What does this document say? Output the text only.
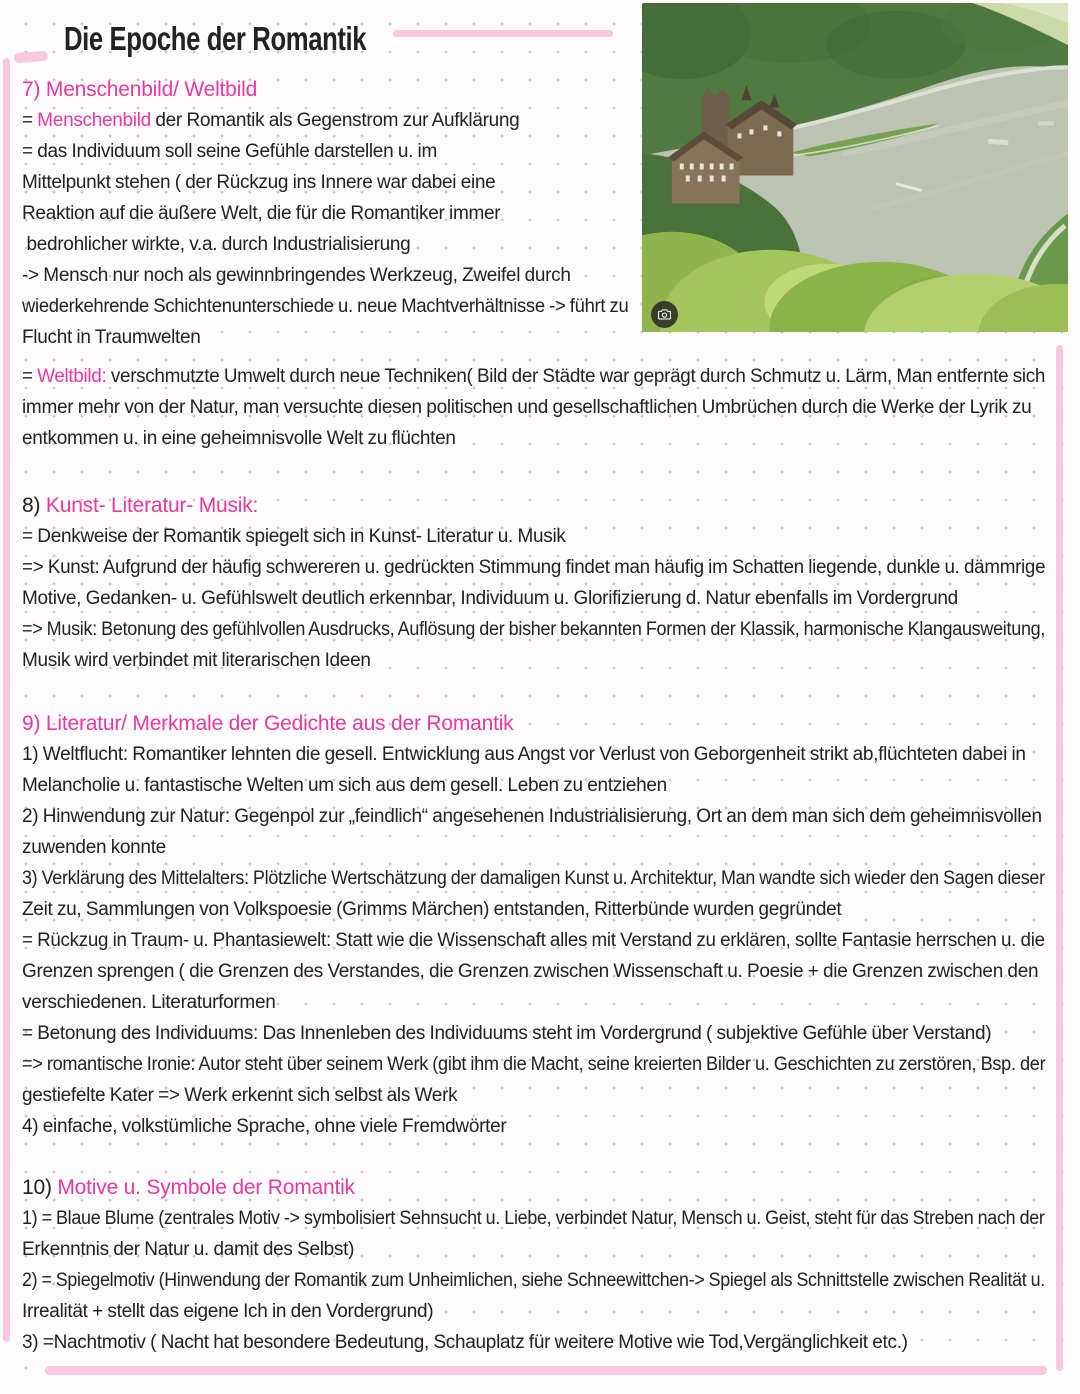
Die Epoche der Romantik
7) Menschenbild/ Weltbild
= Menschenbild der Romantik als Gegenstrom zur Aufklärung
= das Individuum soll seine Gefühle darstellen u. im
Mittelpunkt stehen ( der Rückzug ins Innere war dabei eine
Reaktion auf die äußere Welt, die für die Romantiker immer
bedrohlicher wirkte, v.a. durch Industrialisierung
-> Mensch nur noch als gewinnbringendes Werkzeug, Zweifel durch
wiederkehrende Schichtenunterschiede u. neue Machtverhältnisse -> führt zu
Flucht in Traumwelten
= Weltbild: verschmutzte Umwelt durch neue Techniken( Bild der Städte war geprägt durch Schmutz u. Lärm, Man entfernte sich
immer mehr von der Natur, man versuchte diesen politischen und gesellschaftlichen Umbrüchen durch die Werke der Lyrik zu
entkommen u. in eine geheimnisvolle Welt zu flüchten
8) Kunst- Literatur- Musik:
= Denkweise der Romantik spiegelt sich in Kunst- Literatur u. Musik
=> Kunst: Aufgrund der häufig schwereren u. gedrückten Stimmung findet man häufig im Schatten liegende, dunkle u. dämmrige
Motive, Gedanken- u. Gefühlswelt deutlich erkennbar, Individuum u. Glorifizierung d. Natur ebenfalls im Vordergrund
=> Musik: Betonung des gefühlvollen Ausdrucks, Auflösung der bisher bekannten Formen der Klassik, harmonische Klangausweitung,
Musik wird verbindet mit literarischen Ideen
9) Literatur/ Merkmale der Gedichte aus der Romantik
1) Weltflucht: Romantiker lehnten die gesell. Entwicklung aus Angst vor Verlust von Geborgenheit strikt ab,flüchteten dabei in
Melancholie u. fantastische Welten um sich aus dem gesell. Leben zu entziehen
2) Hinwendung zur Natur: Gegenpol zur „feindlich“ angesehenen Industrialisierung, Ort an dem man sich dem geheimnisvollen
zuwenden konnte
3) Verklärung des Mittelalters: Plötzliche Wertschätzung der damaligen Kunst u. Architektur, Man wandte sich wieder den Sagen dieser
Zeit zu, Sammlungen von Volkspoesie (Grimms Märchen) entstanden, Ritterbünde wurden gegründet
= Rückzug in Traum- u. Phantasiewelt: Statt wie die Wissenschaft alles mit Verstand zu erklären, sollte Fantasie herrschen u. die
Grenzen sprengen ( die Grenzen des Verstandes, die Grenzen zwischen Wissenschaft u. Poesie + die Grenzen zwischen den
verschiedenen. Literaturformen
= Betonung des Individuums: Das Innenleben des Individuums steht im Vordergrund ( subjektive Gefühle über Verstand)
=> romantische Ironie: Autor steht über seinem Werk (gibt ihm die Macht, seine kreierten Bilder u. Geschichten zu zerstören, Bsp. der
gestiefelte Kater => Werk erkennt sich selbst als Werk
4) einfache, volkstümliche Sprache, ohne viele Fremdwörter
10) Motive u. Symbole der Romantik
1) = Blaue Blume (zentrales Motiv -> symbolisiert Sehnsucht u. Liebe, verbindet Natur, Mensch u. Geist, steht für das Streben nach der
Erkenntnis der Natur u. damit des Selbst)
2) = Spiegelmotiv (Hinwendung der Romantik zum Unheimlichen, siehe Schneewittchen-> Spiegel als Schnittstelle zwischen Realität u.
Irrealität + stellt das eigene Ich in den Vordergrund)
3) =Nachtmotiv ( Nacht hat besondere Bedeutung, Schauplatz für weitere Motive wie Tod,Vergänglichkeit etc.)
